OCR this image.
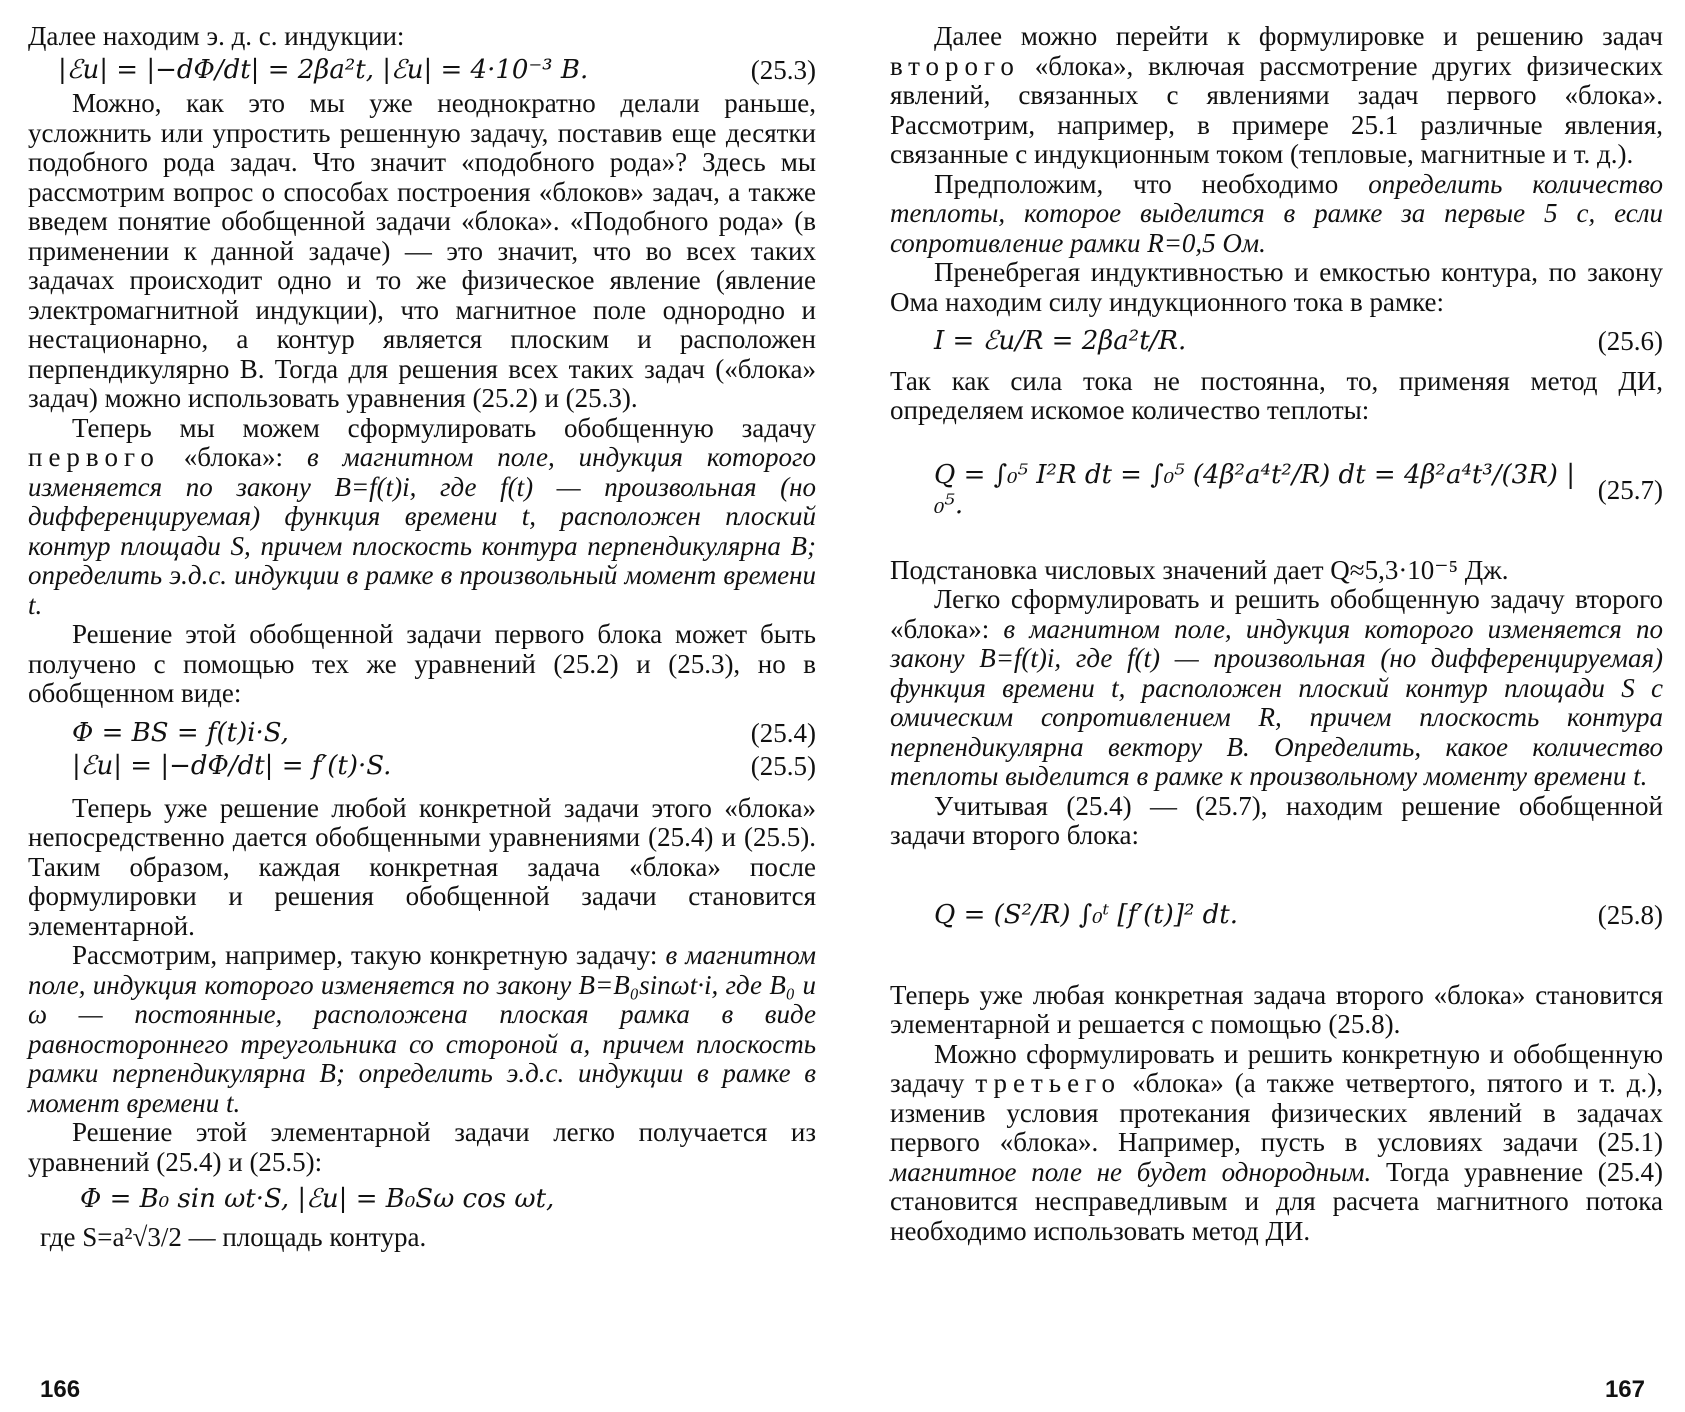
Далее находим э. д. с. индукции:

|ℰи| = |−dΦ/dt| = 2βa²t, |ℰи| = 4·10⁻³ В.	(25.3)

Можно, как это мы уже неоднократно делали раньше, усложнить или упростить решенную задачу, поставив еще десятки подобного рода задач. Что значит «подобного рода»? Здесь мы рассмотрим вопрос о способах построения «блоков» задач, а также введем понятие обобщенной задачи «блока». «Подобного рода» (в применении к данной задаче) — это значит, что во всех таких задачах происходит одно и то же физическое явление (явление электромагнитной индукции), что магнитное поле однородно и нестационарно, а контур является плоским и расположен перпендикулярно B. Тогда для решения всех таких задач («блока» задач) можно использовать уравнения (25.2) и (25.3).

Теперь мы можем сформулировать обобщенную задачу первого «блока»: в магнитном поле, индукция которого изменяется по закону B=f(t)i, где f(t) — произвольная (но дифференцируемая) функция времени t, расположен плоский контур площади S, причем плоскость контура перпендикулярна B; определить э.д.с. индукции в рамке в произвольный момент времени t.

Решение этой обобщенной задачи первого блока может быть получено с помощью тех же уравнений (25.2) и (25.3), но в обобщенном виде:

Φ = BS = f(t)i·S,	(25.4)
|ℰи| = |−dΦ/dt| = f′(t)·S.	(25.5)

Теперь уже решение любой конкретной задачи этого «блока» непосредственно дается обобщенными уравнениями (25.4) и (25.5). Таким образом, каждая конкретная задача «блока» после формулировки и решения обобщенной задачи становится элементарной.

Рассмотрим, например, такую конкретную задачу: в магнитном поле, индукция которого изменяется по закону B=B₀sinωt·i, где B₀ и ω — постоянные, расположена плоская рамка в виде равностороннего треугольника со стороной a, причем плоскость рамки перпендикулярна B; определить э.д.с. индукции в рамке в момент времени t.

Решение этой элементарной задачи легко получается из уравнений (25.4) и (25.5):

Φ = B₀ sin ωt·S, |ℰи| = B₀Sω cos ωt,

где S=a²√3/2 — площадь контура.

166

Далее можно перейти к формулировке и решению задач второго «блока», включая рассмотрение других физических явлений, связанных с явлениями задач первого «блока». Рассмотрим, например, в примере 25.1 различные явления, связанные с индукционным током (тепловые, магнитные и т. д.).

Предположим, что необходимо определить количество теплоты, которое выделится в рамке за первые 5 с, если сопротивление рамки R=0,5 Ом.

Пренебрегая индуктивностью и емкостью контура, по закону Ома находим силу индукционного тока в рамке:

I = ℰи/R = 2βa²t/R.	(25.6)

Так как сила тока не постоянна, то, применяя метод ДИ, определяем искомое количество теплоты:

Q = ∫₀⁵ I²R dt = ∫₀⁵ (4β²a⁴t²/R) dt = 4β²a⁴t³/(3R) |₀⁵.	(25.7)

Подстановка числовых значений дает Q≈5,3·10⁻⁵ Дж.

Легко сформулировать и решить обобщенную задачу второго «блока»: в магнитном поле, индукция которого изменяется по закону B=f(t)i, где f(t) — произвольная (но дифференцируемая) функция времени t, расположен плоский контур площади S с омическим сопротивлением R, причем плоскость контура перпендикулярна вектору B. Определить, какое количество теплоты выделится в рамке к произвольному моменту времени t.

Учитывая (25.4) — (25.7), находим решение обобщенной задачи второго блока:

Q = (S²/R) ∫₀ᵗ [f′(t)]² dt.	(25.8)

Теперь уже любая конкретная задача второго «блока» становится элементарной и решается с помощью (25.8).

Можно сформулировать и решить конкретную и обобщенную задачу третьего «блока» (а также четвертого, пятого и т. д.), изменив условия протекания физических явлений в задачах первого «блока». Например, пусть в условиях задачи (25.1) магнитное поле не будет однородным. Тогда уравнение (25.4) становится несправедливым и для расчета магнитного потока необходимо использовать метод ДИ.

167
